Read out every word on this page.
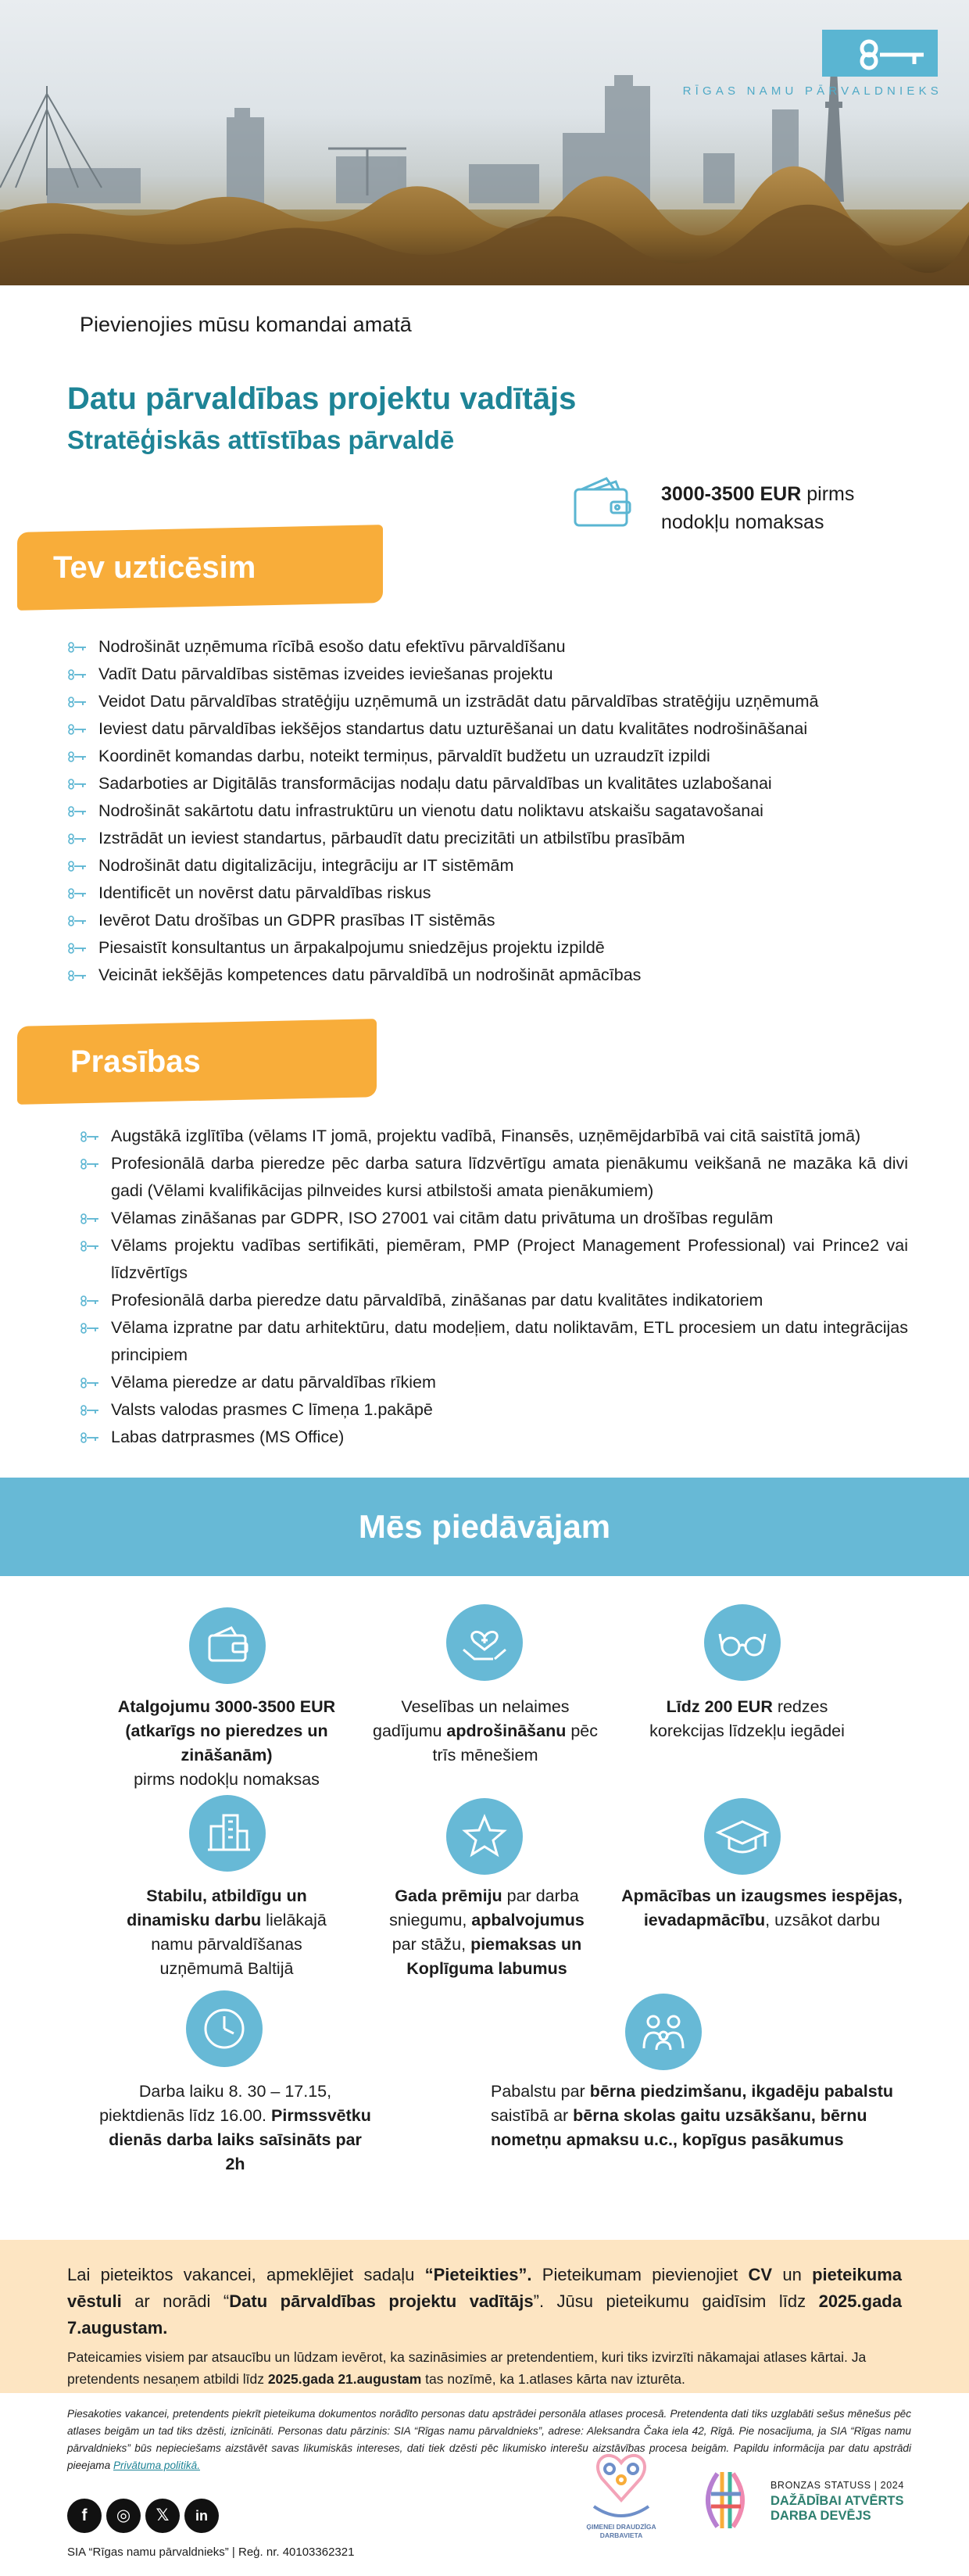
RĪGAS NAMU PĀRVALDNIEKS
Pievienojies mūsu komandai amatā
Datu pārvaldības projektu vadītājs
Stratēģiskās attīstības pārvaldē
3000-3500 EUR pirms nodokļu nomaksas
Tev uzticēsim
Nodrošināt uzņēmuma rīcībā esošo datu efektīvu pārvaldīšanu
Vadīt Datu pārvaldības sistēmas izveides ieviešanas projektu
Veidot Datu pārvaldības stratēģiju uzņēmumā un izstrādāt datu pārvaldības stratēģiju uzņēmumā
Ieviest datu pārvaldības iekšējos standartus datu uzturēšanai un datu kvalitātes nodrošināšanai
Koordinēt komandas darbu, noteikt termiņus, pārvaldīt budžetu un uzraudzīt izpildi
Sadarboties ar Digitālās transformācijas nodaļu datu pārvaldības un kvalitātes uzlabošanai
Nodrošināt sakārtotu datu infrastruktūru un vienotu datu noliktavu atskaišu sagatavošanai
Izstrādāt un ieviest standartus, pārbaudīt datu precizitāti un atbilstību prasībām
Nodrošināt datu digitalizāciju, integrāciju ar IT sistēmām
Identificēt un novērst datu pārvaldības riskus
Ievērot Datu drošības un GDPR prasības IT sistēmās
Piesaistīt konsultantus un ārpakalpojumu sniedzējus projektu izpildē
Veicināt iekšējās kompetences datu pārvaldībā un nodrošināt apmācības
Prasības
Augstākā izglītība (vēlams IT jomā, projektu vadībā, Finansēs, uzņēmējdarbībā vai citā saistītā jomā)
Profesionālā darba pieredze pēc darba satura līdzvērtīgu amata pienākumu veikšanā ne mazāka kā divi gadi (Vēlami kvalifikācijas pilnveides kursi atbilstoši amata pienākumiem)
Vēlamas zināšanas par GDPR, ISO 27001 vai citām datu privātuma un drošības regulām
Vēlams projektu vadības sertifikāti, piemēram, PMP (Project Management Professional) vai Prince2 vai līdzvērtīgs
Profesionālā darba pieredze datu pārvaldībā, zināšanas par datu kvalitātes indikatoriem
Vēlama izpratne par datu arhitektūru, datu modeļiem, datu noliktavām, ETL procesiem un datu integrācijas principiem
Vēlama pieredze ar datu pārvaldības rīkiem
Valsts valodas prasmes C līmeņa 1.pakāpē
Labas datrprasmes (MS Office)
Mēs piedāvājam
Atalgojumu 3000-3500 EUR (atkarīgs no pieredzes un zināšanām)
pirms nodokļu nomaksas
Veselības un nelaimes gadījumu apdrošināšanu pēc trīs mēnešiem
Līdz 200 EUR redzes korekcijas līdzekļu iegādei
Stabilu, atbildīgu un dinamisku darbu lielākajā namu pārvaldīšanas uzņēmumā Baltijā
Gada prēmiju par darba sniegumu, apbalvojumus par stāžu, piemaksas un Koplīguma labumus
Apmācības un izaugsmes iespējas, ievadapmācību, uzsākot darbu
Darba laiku 8. 30 – 17.15, piektdienās līdz 16.00. Pirmssvētku dienās darba laiks saīsināts par 2h
Pabalstu par bērna piedzimšanu, ikgadēju pabalstu saistībā ar bērna skolas gaitu uzsākšanu, bērnu nometņu apmaksu u.c., kopīgus pasākumus

Lai pieteiktos vakancei, apmeklējiet sadaļu “Pieteikties”. Pieteikumam pievienojiet CV un pieteikuma vēstuli ar norādi “Datu pārvaldības projektu vadītājs”. Jūsu pieteikumu gaidīsim līdz 2025.gada 7.augustam.

Pateicamies visiem par atsaucību un lūdzam ievērot, ka sazināsimies ar pretendentiem, kuri tiks izvirzīti nākamajai atlases kārtai. Ja pretendents nesaņem atbildi līdz 2025.gada 21.augustam tas nozīmē, ka 1.atlases kārta nav izturēta.

Piesakoties vakancei, pretendents piekrīt pieteikuma dokumentos norādīto personas datu apstrādei personāla atlases procesā. Pretendenta dati tiks uzglabāti sešus mēnešus pēc atlases beigām un tad tiks dzēsti, iznīcināti. Personas datu pārzinis: SIA “Rīgas namu pārvaldnieks”, adrese: Aleksandra Čaka iela 42, Rīgā. Pie nosacījuma, ja SIA “Rīgas namu pārvaldnieks” būs nepieciešams aizstāvēt savas likumiskās intereses, dati tiek dzēsti pēc likumisko interešu aizstāvības procesa beigām. Papildu informācija par datu apstrādi pieejama Privātuma politikā.

f	◎	𝕏	in
SIA “Rīgas namu pārvaldnieks” | Reģ. nr. 40103362321
ĢIMENEI DRAUDZĪGA DARBAVIETA
BRONZAS STATUSS | 2024
DAŽĀDĪBAI ATVĒRTS DARBA DEVĒJS
